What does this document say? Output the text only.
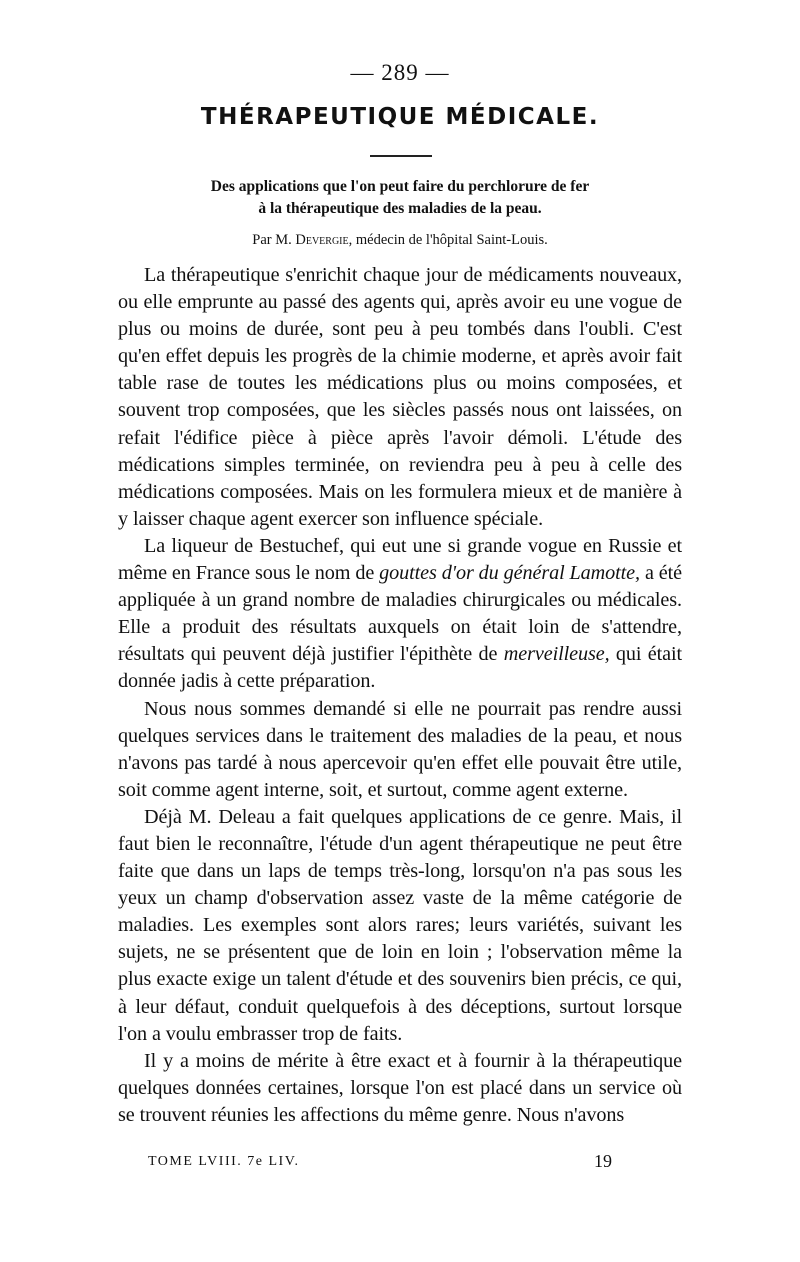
— 289 —
THÉRAPEUTIQUE MÉDICALE.
Des applications que l'on peut faire du perchlorure de fer
à la thérapeutique des maladies de la peau.
Par M. Devergie, médecin de l'hôpital Saint-Louis.

La thérapeutique s'enrichit chaque jour de médicaments nouveaux, ou elle emprunte au passé des agents qui, après avoir eu une vogue de plus ou moins de durée, sont peu à peu tombés dans l'oubli. C'est qu'en effet depuis les progrès de la chimie moderne, et après avoir fait table rase de toutes les médications plus ou moins composées, et souvent trop composées, que les siècles passés nous ont laissées, on refait l'édifice pièce à pièce après l'avoir démoli. L'étude des médications simples terminée, on reviendra peu à peu à celle des médications composées. Mais on les formulera mieux et de manière à y laisser chaque agent exercer son influence spéciale.

La liqueur de Bestuchef, qui eut une si grande vogue en Russie et même en France sous le nom de gouttes d'or du général Lamotte, a été appliquée à un grand nombre de maladies chirurgicales ou médicales. Elle a produit des résultats auxquels on était loin de s'attendre, résultats qui peuvent déjà justifier l'épithète de merveilleuse, qui était donnée jadis à cette préparation.

Nous nous sommes demandé si elle ne pourrait pas rendre aussi quelques services dans le traitement des maladies de la peau, et nous n'avons pas tardé à nous apercevoir qu'en effet elle pouvait être utile, soit comme agent interne, soit, et surtout, comme agent externe.

Déjà M. Deleau a fait quelques applications de ce genre. Mais, il faut bien le reconnaître, l'étude d'un agent thérapeutique ne peut être faite que dans un laps de temps très-long, lorsqu'on n'a pas sous les yeux un champ d'observation assez vaste de la même catégorie de maladies. Les exemples sont alors rares; leurs variétés, suivant les sujets, ne se présentent que de loin en loin ; l'observation même la plus exacte exige un talent d'étude et des souvenirs bien précis, ce qui, à leur défaut, conduit quelquefois à des déceptions, surtout lorsque l'on a voulu embrasser trop de faits.

Il y a moins de mérite à être exact et à fournir à la thérapeutique quelques données certaines, lorsque l'on est placé dans un service où se trouvent réunies les affections du même genre. Nous n'avons

TOME LVIII. 7e LIV.	19
